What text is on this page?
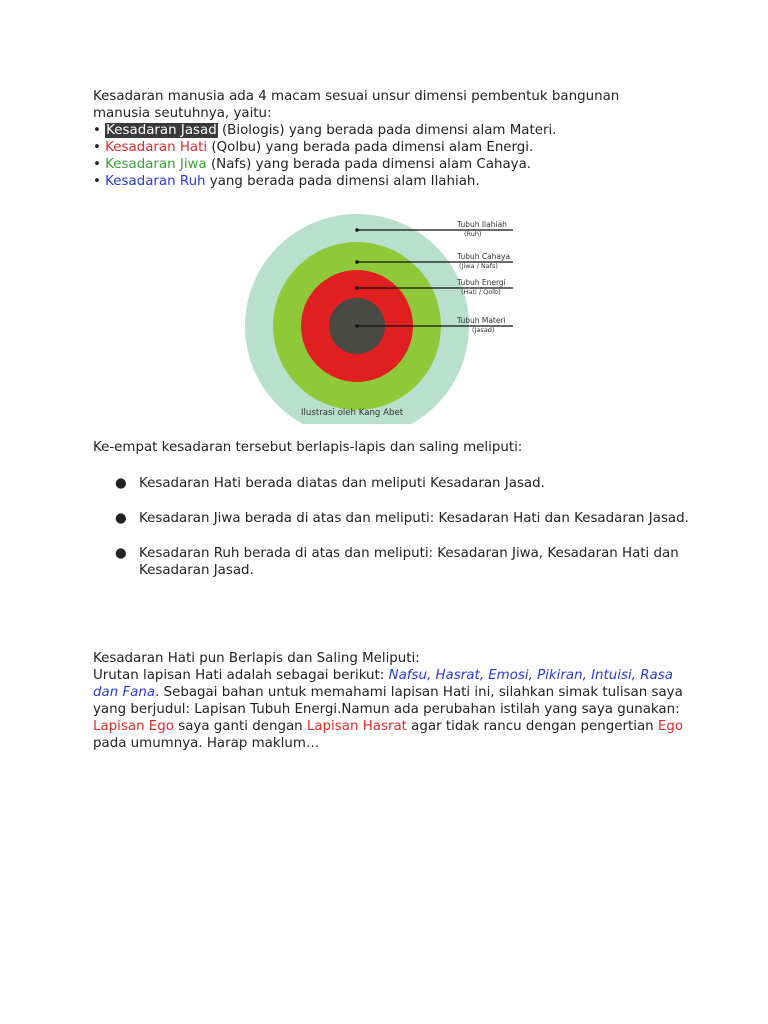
Kesadaran manusia ada 4 macam sesuai unsur dimensi pembentuk bangunan

manusia seutuhnya, yaitu:

• Kesadaran Jasad (Biologis) yang berada pada dimensi alam Materi.
• Kesadaran Hati (Qolbu) yang berada pada dimensi alam Energi.
• Kesadaran Jiwa (Nafs) yang berada pada dimensi alam Cahaya.
• Kesadaran Ruh yang berada pada dimensi alam Ilahiah.
Tubuh Ilahiah
(Ruh)
Tubuh Cahaya
(Jiwa / Nafs)
Tubuh Energi
(Hati / Qolb)
Tubuh Materi
(Jasad)
Ilustrasi oleh Kang Abet

Ke-empat kesadaran tersebut berlapis-lapis dan saling meliputi:

● Kesadaran Hati berada diatas dan meliputi Kesadaran Jasad.
● Kesadaran Jiwa berada di atas dan meliputi: Kesadaran Hati dan Kesadaran Jasad.
● Kesadaran Ruh berada di atas dan meliputi: Kesadaran Jiwa, Kesadaran Hati dan Kesadaran Jasad.

Kesadaran Hati pun Berlapis dan Saling Meliputi:

Urutan lapisan Hati adalah sebagai berikut: Nafsu, Hasrat, Emosi, Pikiran, Intuisi, Rasa dan Fana. Sebagai bahan untuk memahami lapisan Hati ini, silahkan simak tulisan saya yang berjudul: Lapisan Tubuh Energi.Namun ada perubahan istilah yang saya gunakan: Lapisan Ego saya ganti dengan Lapisan Hasrat agar tidak rancu dengan pengertian Ego pada umumnya. Harap maklum…
